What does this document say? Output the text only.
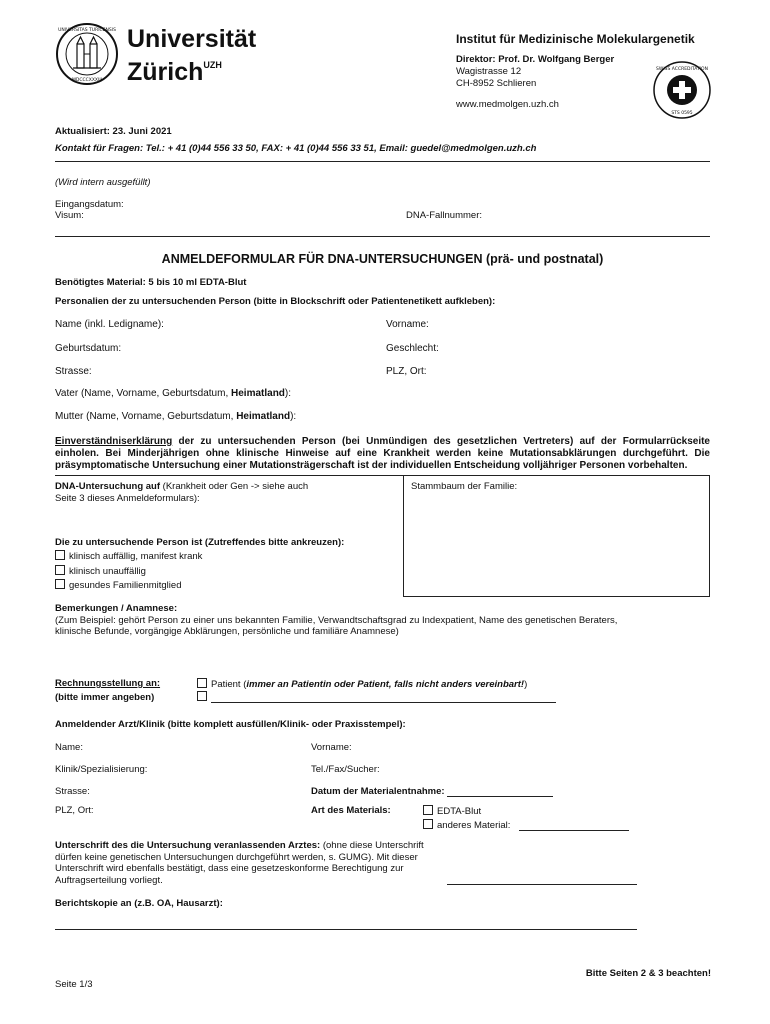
UNIVERSITAS TURICENSIS
MDCCCXXXIII
Universität
Zürich$^{UZH}$
Institut für Medizinische Molekulargenetik
Direktor: Prof. Dr. Wolfgang Berger
Wagistrasse 12
CH-8952 Schlieren
www.medmolgen.uzh.ch
SWISS ACCREDITATION
STS 0595
Aktualisiert: 23. Juni 2021
Kontakt für Fragen: Tel.: + 41 (0)44 556 33 50, FAX: + 41 (0)44 556 33 51, Email: guedel@medmolgen.uzh.ch
(Wird intern ausgefüllt)
Eingangsdatum:
Visum:	DNA-Fallnummer:
ANMELDEFORMULAR FÜR DNA-UNTERSUCHUNGEN (prä- und postnatal)
Benötigtes Material: 5 bis 10 ml EDTA-Blut
Personalien der zu untersuchenden Person (bitte in Blockschrift oder Patientenetikett aufkleben):
Name (inkl. Ledigname):	Vorname:
Geburtsdatum:	Geschlecht:
Strasse:	PLZ, Ort:
Vater (Name, Vorname, Geburtsdatum, Heimatland):
Mutter (Name, Vorname, Geburtsdatum, Heimatland):
Einverständniserklärung der zu untersuchenden Person (bei Unmündigen des gesetzlichen Vertreters) auf der Formularrückseite einholen. Bei Minderjährigen ohne klinische Hinweise auf eine Krankheit werden keine Mutationsabklärungen durchgeführt. Die präsymptomatische Untersuchung einer Mutationsträgerschaft ist der individuellen Entscheidung volljähriger Personen vorbehalten.
DNA-Untersuchung auf (Krankheit oder Gen -> siehe auch
Seite 3 dieses Anmeldeformulars):
Stammbaum der Familie:
Die zu untersuchende Person ist (Zutreffendes bitte ankreuzen):
klinisch auffällig, manifest krank
klinisch unauffällig
gesundes Familienmitglied
Bemerkungen / Anamnese:
(Zum Beispiel: gehört Person zu einer uns bekannten Familie, Verwandtschaftsgrad zu Indexpatient, Name des genetischen Beraters,
klinische Befunde, vorgängige Abklärungen, persönliche und familiäre Anamnese)
Rechnungsstellung an:
(bitte immer angeben)
Patient (immer an Patientin oder Patient, falls nicht anders vereinbart!)
Anmeldender Arzt/Klinik (bitte komplett ausfüllen/Klinik- oder Praxisstempel):
Name:	Vorname:
Klinik/Spezialisierung:	Tel./Fax/Sucher:
Strasse:	Datum der Materialentnahme:
PLZ, Ort:	Art des Materials:	EDTA-Blut
anderes Material:
Unterschrift des die Untersuchung veranlassenden Arztes: (ohne diese Unterschrift
dürfen keine genetischen Untersuchungen durchgeführt werden, s. GUMG). Mit dieser
Unterschrift wird ebenfalls bestätigt, dass eine gesetzeskonforme Berechtigung zur
Auftragserteilung vorliegt.
Berichtskopie an (z.B. OA, Hausarzt):
Bitte Seiten 2 & 3 beachten!
Seite 1/3
